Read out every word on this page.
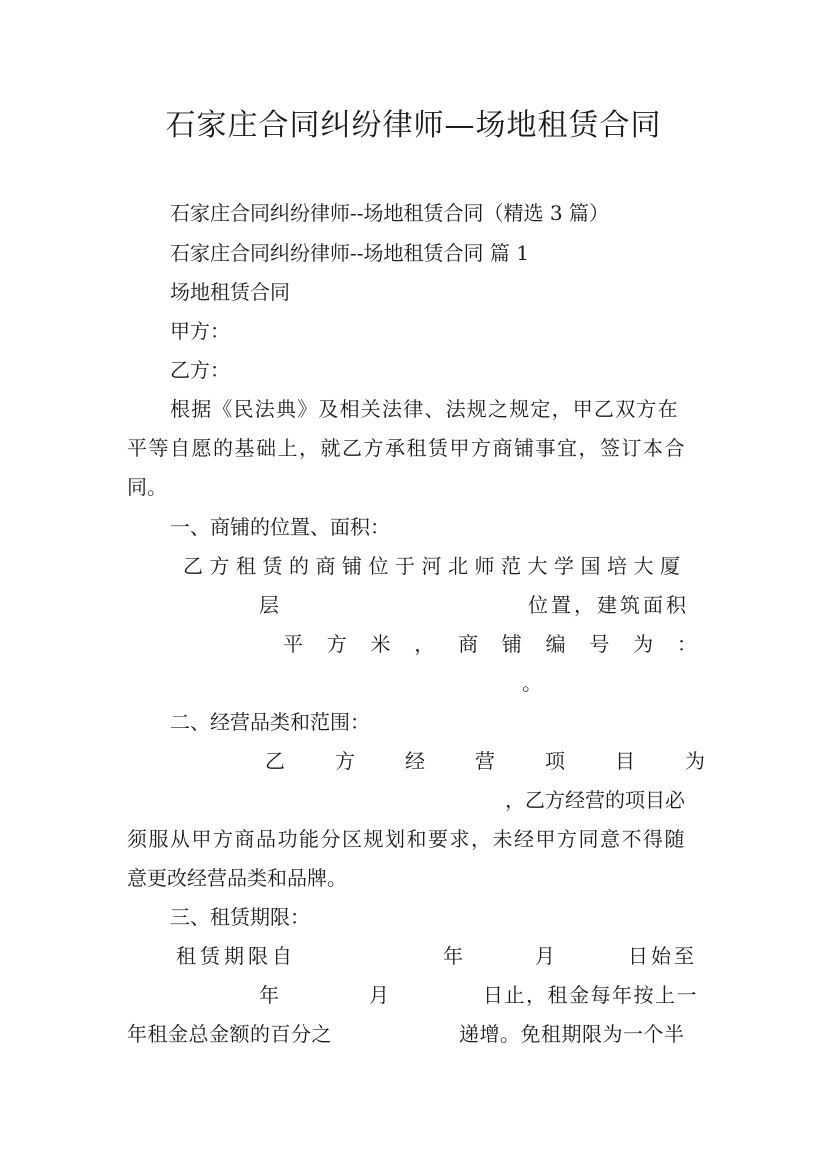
石家庄合同纠纷律师—场地租赁合同
石家庄合同纠纷律师--场地租赁合同（精选 3 篇）
石家庄合同纠纷律师--场地租赁合同 篇 1
场地租赁合同
甲方：
乙方：
根据《民法典》及相关法律、法规之规定，甲乙双方在
平等自愿的基础上，就乙方承租赁甲方商铺事宜，签订本合
同。
一、商铺的位置、面积：
乙方租赁的商铺位于河北师范大学国培大厦
层	位置，建筑面积
平 方 米 ， 商 铺 编 号 为 ：
。
二、经营品类和范围：
乙	方	经	营	项	目	为
，乙方经营的项目必
须服从甲方商品功能分区规划和要求，未经甲方同意不得随
意更改经营品类和品牌。
三、租赁期限：
租赁期限自	年	月	日始至
年	月	日止，租金每年按上一
年租金总金额的百分之	递增。免租期限为一个半
